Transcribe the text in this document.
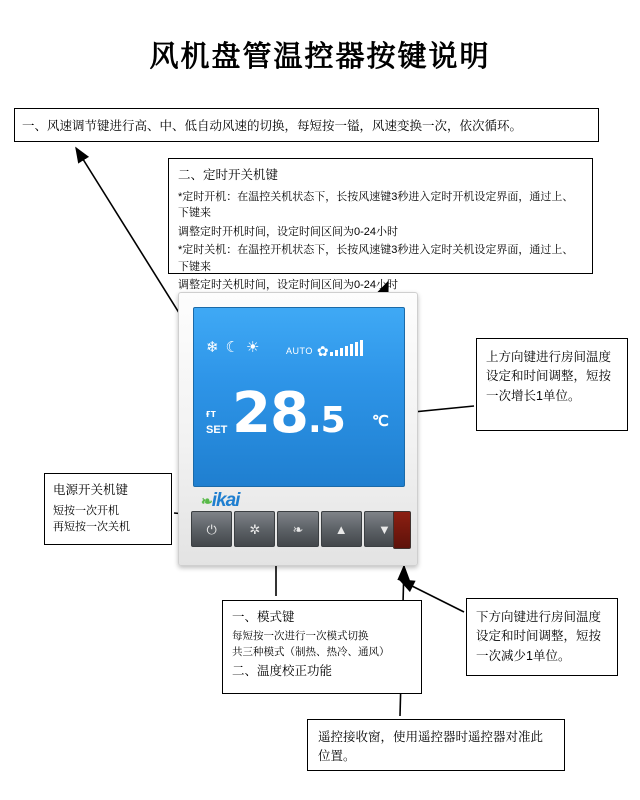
风机盘管温控器按键说明

一、风速调节键进行高、中、低自动风速的切换，每短按一镒，风速变换一次，依次循环。

二、定时开关机键

*定时开机：在温控关机状态下，长按风速键3秒进入定时开机设定界面，通过上、下键来

调整定时开机时间，设定时间区间为0-24小时

*定时关机：在温控开机状态下，长按风速键3秒进入定时关机设定界面，通过上、下键来

调整定时关机时间，设定时间区间为0-24小时

上方向键进行房间温度设定和时间调整，短按一次增长1单位。

电源开关机键

短按一次开机

再短按一次关机

下方向键进行房间温度设定和时间调整，短按一次减少1单位。

一、模式键

每短按一次进行一次模式切换

共三种模式（制热、热冷、通风）

二、温度校正功能

遥控接收窗，使用遥控器时遥控器对准此位置。

❄ ☾ ☀	AUTO ✿
ғт
SET 28.5 ℃
❧ikai
⏻	✲	❧	▲	▼
